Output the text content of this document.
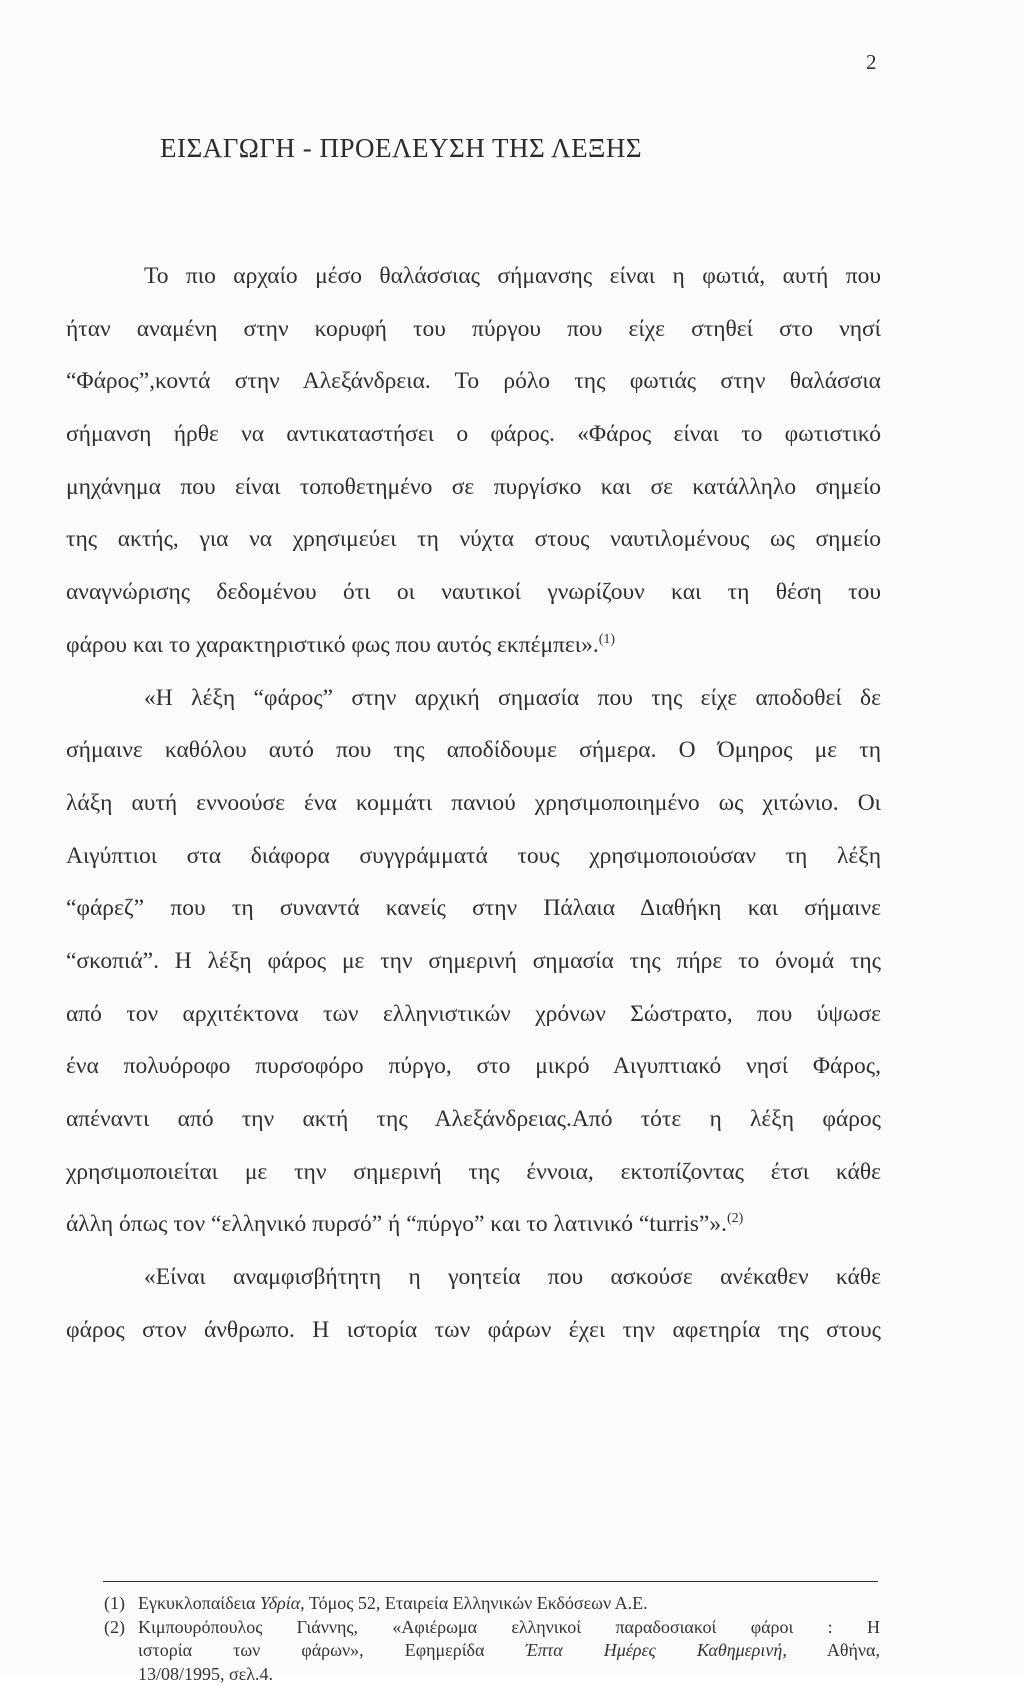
2
ΕΙΣΑΓΩΓΗ - ΠΡΟΕΛΕΥΣΗ ΤΗΣ ΛΕΞΗΣ
Το πιο αρχαίο μέσο θαλάσσιας σήμανσης είναι η φωτιά, αυτή που
ήταν αναμένη στην κορυφή του πύργου που είχε στηθεί στο νησί
“Φάρος”,κοντά στην Αλεξάνδρεια. Το ρόλο της φωτιάς στην θαλάσσια
σήμανση ήρθε να αντικαταστήσει ο φάρος. «Φάρος είναι το φωτιστικό
μηχάνημα που είναι τοποθετημένο σε πυργίσκο και σε κατάλληλο σημείο
της ακτής, για να χρησιμεύει τη νύχτα στους ναυτιλομένους ως σημείο
αναγνώρισης δεδομένου ότι οι ναυτικοί γνωρίζουν και τη θέση του
φάρου και το χαρακτηριστικό φως που αυτός εκπέμπει».$^{(1)}$
«Η λέξη “φάρος” στην αρχική σημασία που της είχε αποδοθεί δε
σήμαινε καθόλου αυτό που της αποδίδουμε σήμερα. Ο Όμηρος με τη
λάξη αυτή εννοούσε ένα κομμάτι πανιού χρησιμοποιημένο ως χιτώνιο. Οι
Αιγύπτιοι στα διάφορα συγγράμματά τους χρησιμοποιούσαν τη λέξη
“φάρεζ” που τη συναντά κανείς στην Πάλαια Διαθήκη και σήμαινε
“σκοπιά”. Η λέξη φάρος με την σημερινή σημασία της πήρε το όνομά της
από τον αρχιτέκτονα των ελληνιστικών χρόνων Σώστρατο, που ύψωσε
ένα πολυόροφο πυρσοφόρο πύργο, στο μικρό Αιγυπτιακό νησί Φάρος,
απέναντι από την ακτή της Αλεξάνδρειας.Από τότε η λέξη φάρος
χρησιμοποιείται με την σημερινή της έννοια, εκτοπίζοντας έτσι κάθε
άλλη όπως τον “ελληνικό πυρσό” ή “πύργο” και το λατινικό “turris”».$^{(2)}$
«Είναι αναμφισβήτητη η γοητεία που ασκούσε ανέκαθεν κάθε
φάρος στον άνθρωπο. Η ιστορία των φάρων έχει την αφετηρία της στους
(1) Εγκυκλοπαίδεια Υδρία, Τόμος 52, Εταιρεία Ελληνικών Εκδόσεων Α.Ε.
(2) Κιμπουρόπουλος Γιάννης, «Αφιέρωμα ελληνικοί παραδοσιακοί φάροι : Η
ιστορία των φάρων», Εφημερίδα Έπτα Ημέρες Καθημερινή, Αθήνα,
13/08/1995, σελ.4.
